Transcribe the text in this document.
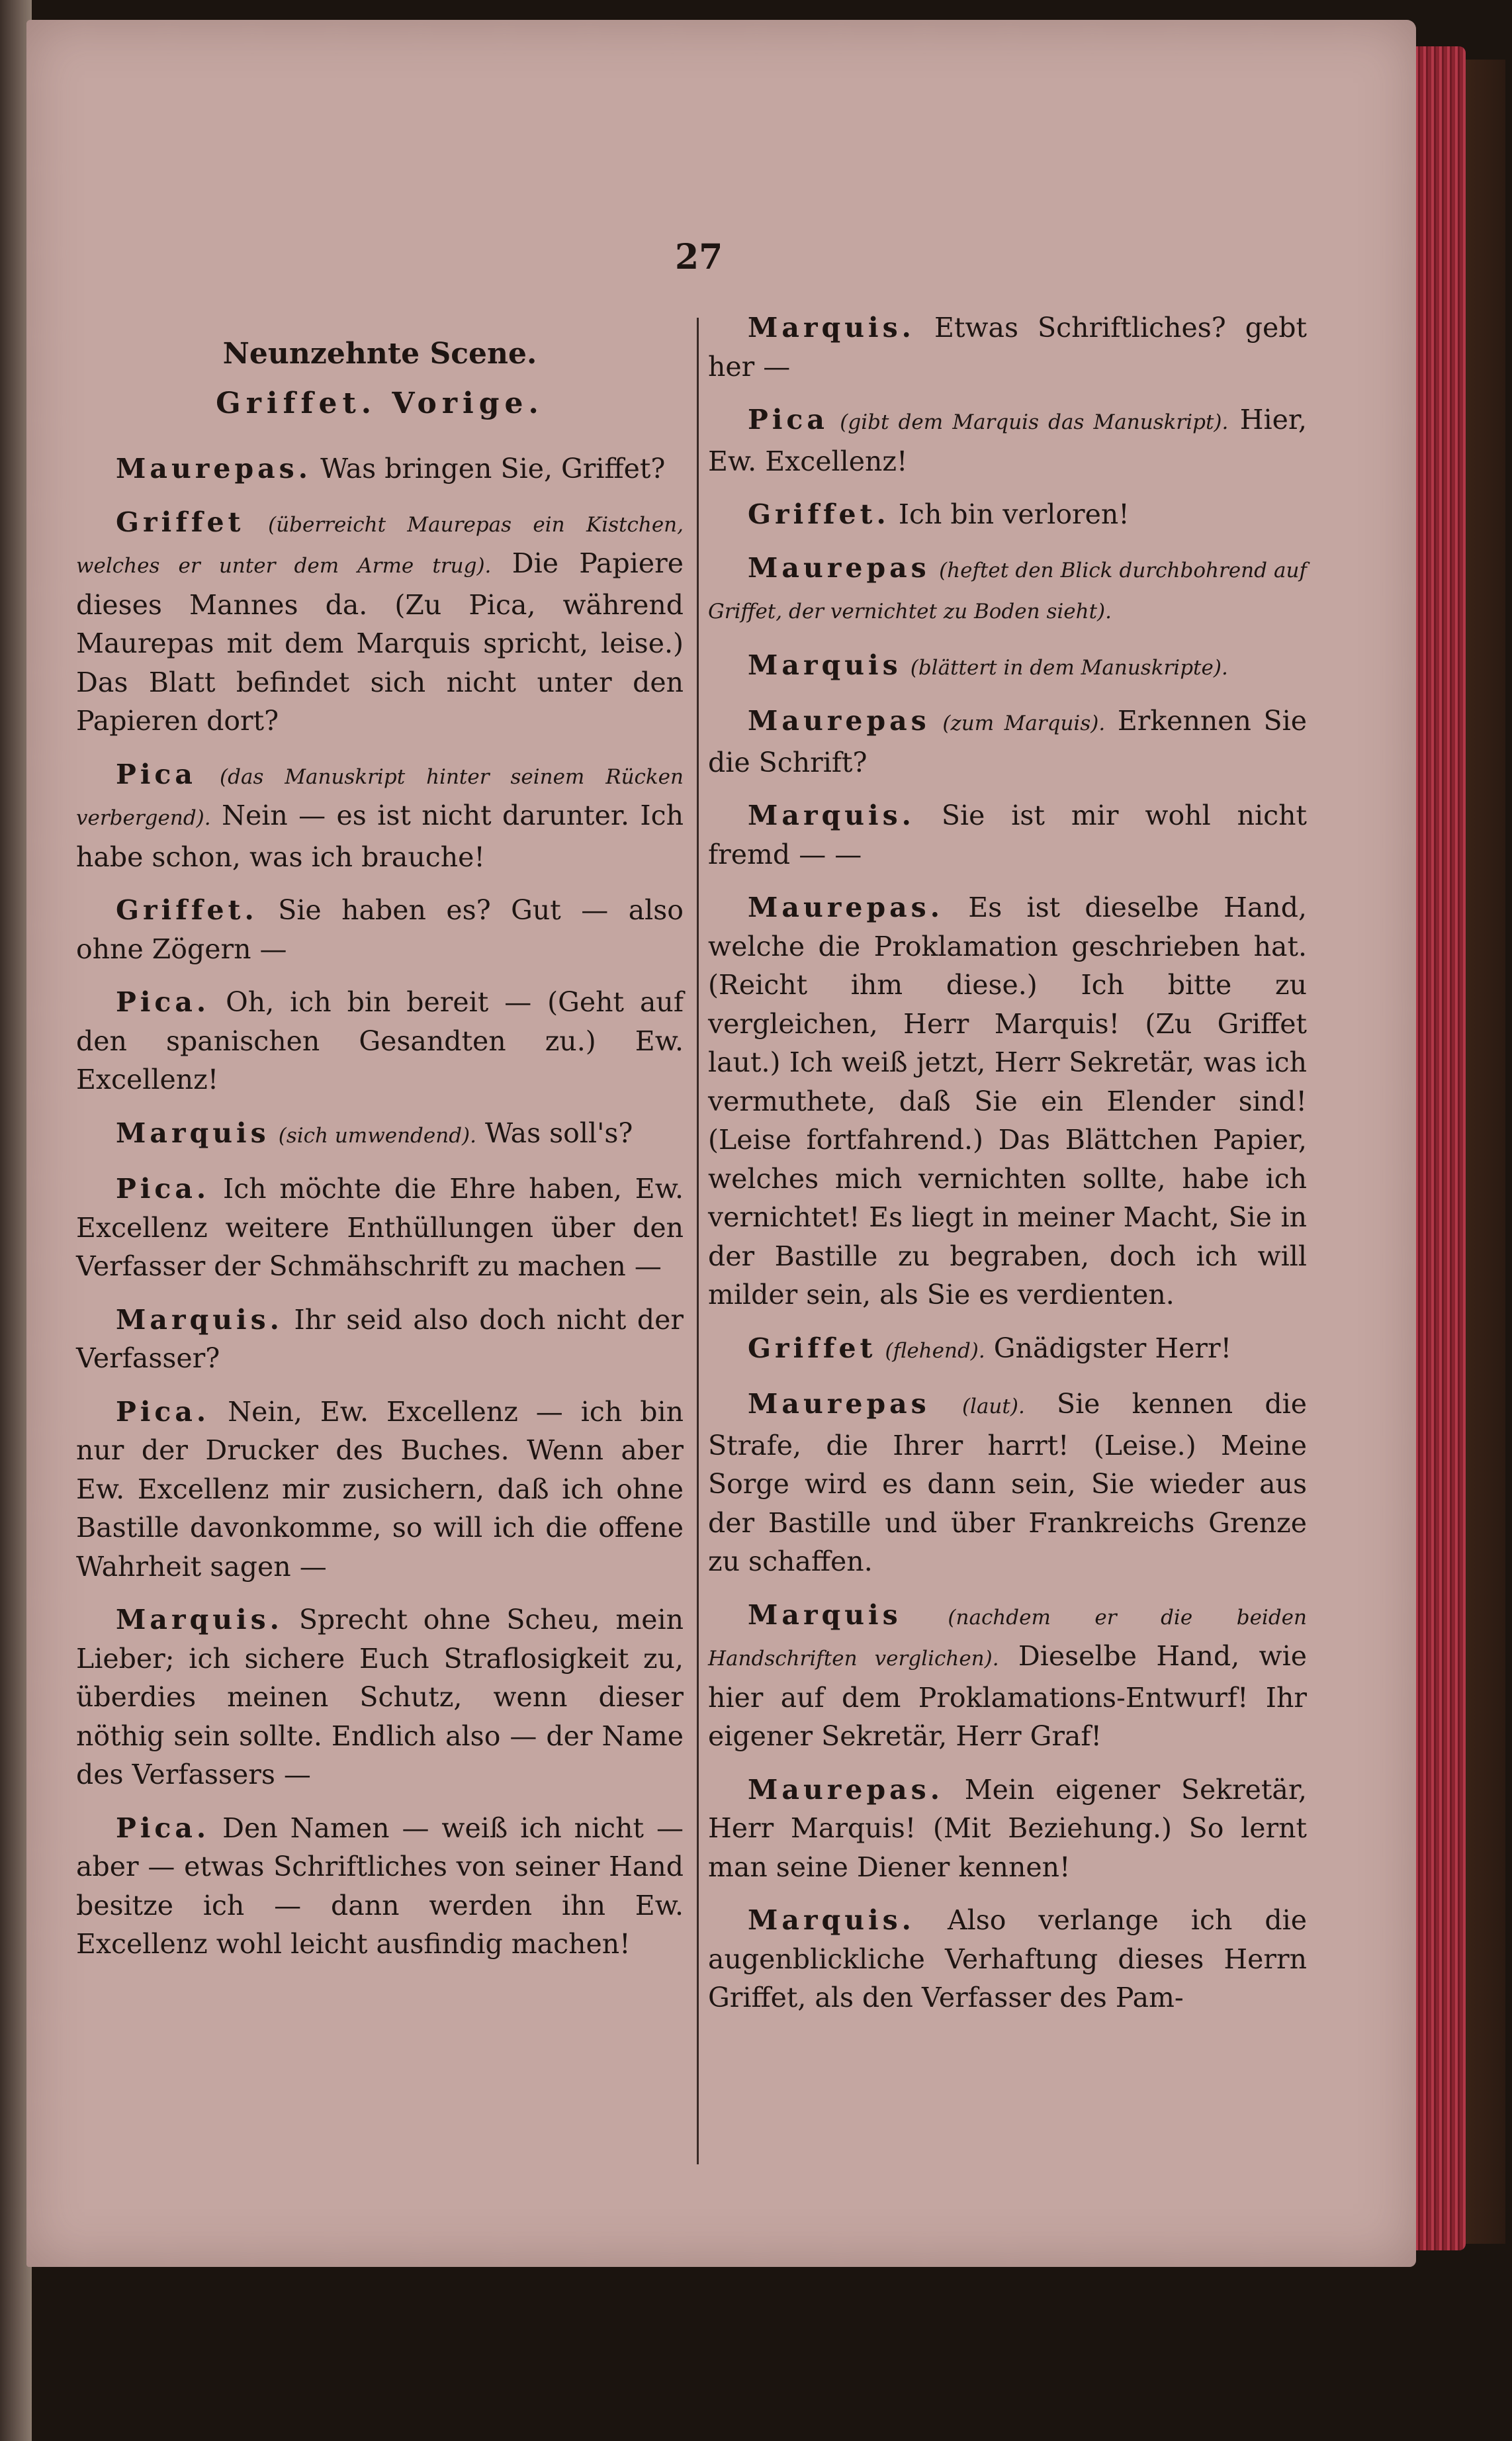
27
Neunzehnte Scene.
Griffet. Vorige.
Maurepas. Was bringen Sie, Griffet?
Griffet (überreicht Maurepas ein Kistchen, welches er unter dem Arme trug). Die Papiere dieses Mannes da. (Zu Pica, während Maurepas mit dem Marquis spricht, leise.) Das Blatt befindet sich nicht unter den Papieren dort?
Pica (das Manuskript hinter seinem Rücken verbergend). Nein — es ist nicht darunter. Ich habe schon, was ich brauche!
Griffet. Sie haben es? Gut — also ohne Zögern —
Pica. Oh, ich bin bereit — (Geht auf den spanischen Gesandten zu.) Ew. Excellenz!
Marquis (sich umwendend). Was soll's?
Pica. Ich möchte die Ehre haben, Ew. Excellenz weitere Enthüllungen über den Verfasser der Schmähschrift zu machen —
Marquis. Ihr seid also doch nicht der Verfasser?
Pica. Nein, Ew. Excellenz — ich bin nur der Drucker des Buches. Wenn aber Ew. Excellenz mir zusichern, daß ich ohne Bastille davonkomme, so will ich die offene Wahrheit sagen —
Marquis. Sprecht ohne Scheu, mein Lieber; ich sichere Euch Straflosigkeit zu, überdies meinen Schutz, wenn dieser nöthig sein sollte. Endlich also — der Name des Verfassers —
Pica. Den Namen — weiß ich nicht — aber — etwas Schriftliches von seiner Hand besitze ich — dann werden ihn Ew. Excellenz wohl leicht ausfindig machen!
Marquis. Etwas Schriftliches? gebt her —
Pica (gibt dem Marquis das Manuskript). Hier, Ew. Excellenz!
Griffet. Ich bin verloren!
Maurepas (heftet den Blick durchbohrend auf Griffet, der vernichtet zu Boden sieht).
Marquis (blättert in dem Manuskripte).
Maurepas (zum Marquis). Erkennen Sie die Schrift?
Marquis. Sie ist mir wohl nicht fremd — —
Maurepas. Es ist dieselbe Hand, welche die Proklamation geschrieben hat. (Reicht ihm diese.) Ich bitte zu vergleichen, Herr Marquis! (Zu Griffet laut.) Ich weiß jetzt, Herr Sekretär, was ich vermuthete, daß Sie ein Elender sind! (Leise fortfahrend.) Das Blättchen Papier, welches mich vernichten sollte, habe ich vernichtet! Es liegt in meiner Macht, Sie in der Bastille zu begraben, doch ich will milder sein, als Sie es verdienten.
Griffet (flehend). Gnädigster Herr!
Maurepas (laut). Sie kennen die Strafe, die Ihrer harrt! (Leise.) Meine Sorge wird es dann sein, Sie wieder aus der Bastille und über Frankreichs Grenze zu schaffen.
Marquis (nachdem er die beiden Handschriften verglichen). Dieselbe Hand, wie hier auf dem Proklamations-Entwurf! Ihr eigener Sekretär, Herr Graf!
Maurepas. Mein eigener Sekretär, Herr Marquis! (Mit Beziehung.) So lernt man seine Diener kennen!
Marquis. Also verlange ich die augenblickliche Verhaftung dieses Herrn Griffet, als den Verfasser des Pam-
